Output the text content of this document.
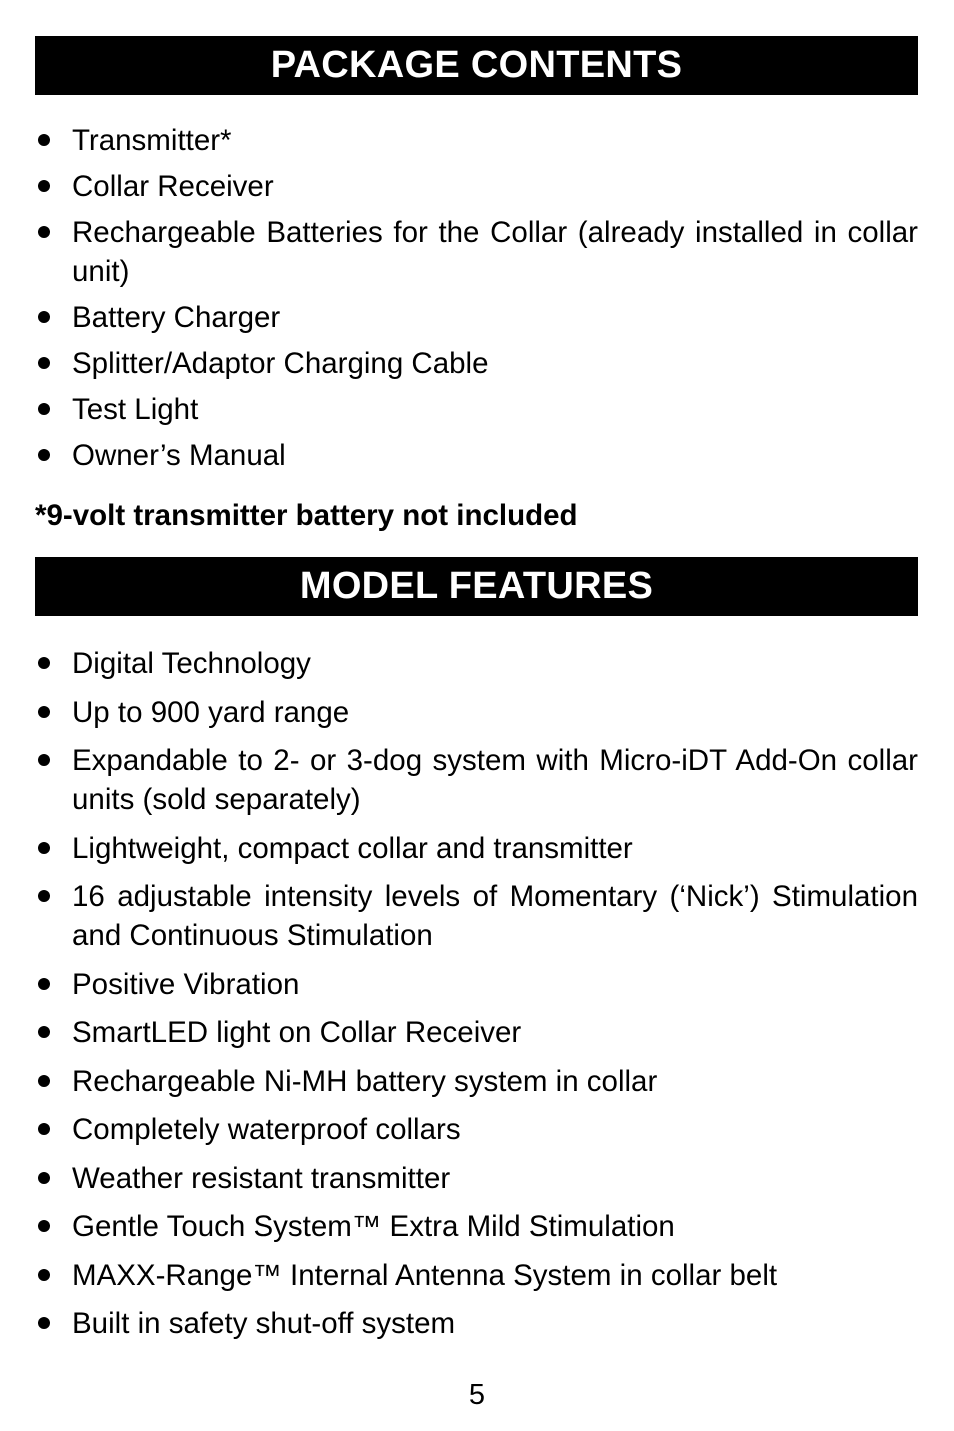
PACKAGE CONTENTS
Transmitter*
Collar Receiver
Rechargeable Batteries for the Collar (already installed in collar unit)
Battery Charger
Splitter/Adaptor Charging Cable
Test Light
Owner’s Manual
*9-volt transmitter battery not included
MODEL FEATURES
Digital Technology
Up to 900 yard range
Expandable to 2- or 3-dog system with Micro-iDT Add-On collar units (sold separately)
Lightweight, compact collar and transmitter
16 adjustable intensity levels of Momentary (‘Nick’) Stimulation and Continuous Stimulation
Positive Vibration
SmartLED light on Collar Receiver
Rechargeable Ni-MH battery system in collar
Completely waterproof collars
Weather resistant transmitter
Gentle Touch System™ Extra Mild Stimulation
MAXX-Range™ Internal Antenna System in collar belt
Built in safety shut-off system
5
